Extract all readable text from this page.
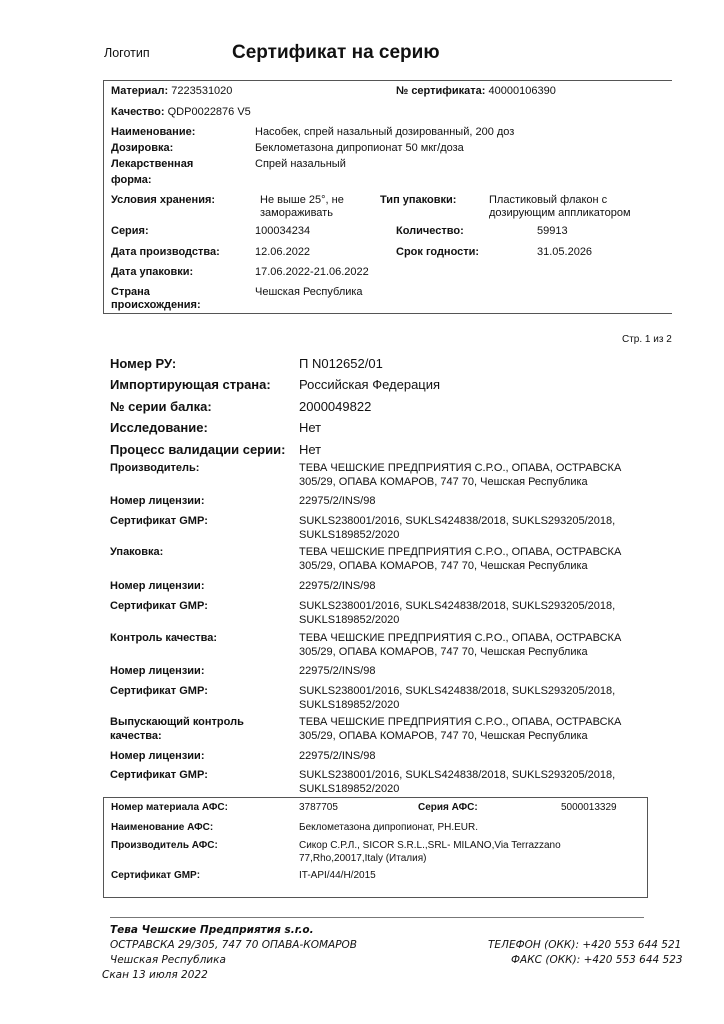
Логотип	Сертификат на серию
Материал: 7223531020	№ сертификата: 40000106390
Качество: QDP0022876 V5
Наименование:	Насобек, спрей назальный дозированный, 200 доз
Дозировка:	Беклометазона дипропионат 50 мкг/доза
Лекарственная
форма:
Спрей назальный
Условия хранения:	Не выше 25°, не
замораживать
Тип упаковки:	Пластиковый флакон с
дозирующим аппликатором
Серия:	100034234	Количество:	59913
Дата производства:	12.06.2022	Срок годности:	31.05.2026
Дата упаковки:	17.06.2022-21.06.2022
Страна
происхождения:
Чешская Республика
Стр. 1 из 2
Номер РУ:	П N012652/01
Импортирующая страна: Российская Федерация
№ серии балка:	2000049822
Исследование:	Нет
Процесс валидации серии: Нет
Производитель:	ТЕВА ЧЕШСКИЕ ПРЕДПРИЯТИЯ С.Р.О., ОПАВА, ОСТРАВСКА
305/29, ОПАВА КОМАРОВ, 747 70, Чешская Республика
Номер лицензии:	22975/2/INS/98
Сертификат GMP:	SUKLS238001/2016, SUKLS424838/2018, SUKLS293205/2018,
SUKLS189852/2020
Упаковка:	ТЕВА ЧЕШСКИЕ ПРЕДПРИЯТИЯ С.Р.О., ОПАВА, ОСТРАВСКА
305/29, ОПАВА КОМАРОВ, 747 70, Чешская Республика
Номер лицензии:	22975/2/INS/98
Сертификат GMP:	SUKLS238001/2016, SUKLS424838/2018, SUKLS293205/2018,
SUKLS189852/2020
Контроль качества:	ТЕВА ЧЕШСКИЕ ПРЕДПРИЯТИЯ С.Р.О., ОПАВА, ОСТРАВСКА
305/29, ОПАВА КОМАРОВ, 747 70, Чешская Республика
Номер лицензии:	22975/2/INS/98
Сертификат GMP:	SUKLS238001/2016, SUKLS424838/2018, SUKLS293205/2018,
SUKLS189852/2020
Выпускающий контроль
качества:
ТЕВА ЧЕШСКИЕ ПРЕДПРИЯТИЯ С.Р.О., ОПАВА, ОСТРАВСКА
305/29, ОПАВА КОМАРОВ, 747 70, Чешская Республика
Номер лицензии:	22975/2/INS/98
Сертификат GMP:	SUKLS238001/2016, SUKLS424838/2018, SUKLS293205/2018,
SUKLS189852/2020
Номер материала АФС:	3787705	Серия АФС:	5000013329
Наименование АФС:	Беклометазона дипропионат, PH.EUR.
Производитель АФС:	Сикор С.Р.Л., SICOR S.R.L.,SRL- MILANO,Via Terrazzano
77,Rho,20017,Italy (Италия)
Сертификат GMP:	IT-API/44/H/2015
Тева Чешские Предприятия s.r.o.
ОСТРАВСКА 29/305, 747 70 ОПАВА-КОМАРОВ
Чешская Республика
Скан 13 июля 2022
ТЕЛЕФОН (ОКК): +420 553 644 521
ФАКС (ОКК): +420 553 644 523
